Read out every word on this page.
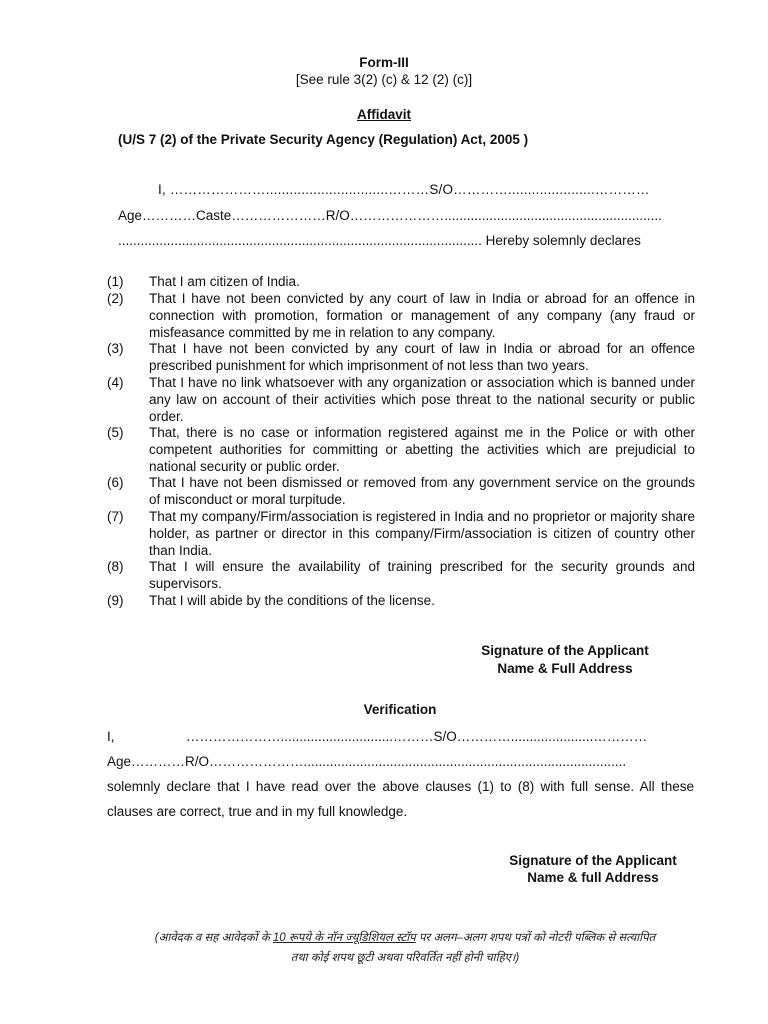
Form-III
[See rule 3(2) (c) & 12 (2) (c)]
Affidavit
(U/S 7 (2) of the Private Security Agency (Regulation) Act, 2005 )
I, …………………...............................………S/O…………......................…………
Age…………Caste…………………R/O…………………..........................................................
................................................................................................. Hereby solemnly declares
(1) That I am citizen of India.
(2) That I have not been convicted by any court of law in India or abroad for an offence in connection with promotion, formation or management of any company (any fraud or misfeasance committed by me in relation to any company.
(3) That I have not been convicted by any court of law in India or abroad for an offence prescribed punishment for which imprisonment of not less than two years.
(4) That I have no link whatsoever with any organization or association which is banned under any law on account of their activities which pose threat to the national security or public order.
(5) That, there is no case or information registered against me in the Police or with other competent authorities for committing or abetting the activities which are prejudicial to national security or public order.
(6) That I have not been dismissed or removed from any government service on the grounds of misconduct or moral turpitude.
(7) That my company/Firm/association is registered in India and no proprietor or majority share holder, as partner or director in this company/Firm/association is citizen of country other than India.
(8) That I will ensure the availability of training prescribed for the security grounds and supervisors.
(9) That I will abide by the conditions of the license.
Signature of the Applicant
Name & Full Address
Verification
I,	…………………..............................………S/O…………......................…………
Age…………R/O…………………......................................................................................
solemnly declare that I have read over the above clauses (1) to (8) with full sense. All these
clauses are correct, true and in my full knowledge.
Signature of the Applicant
Name & full Address
(आवेदक व सह आवेदकों के 10 रूपये के नॉन ज्यूडिशियल स्टॉप पर अलग–अलग शपथ पत्रों को नोटरी पब्लिक से सत्यापित
तथा कोई शपथ छूटी अथवा परिवर्तित नहीं होनी चाहिए।)
